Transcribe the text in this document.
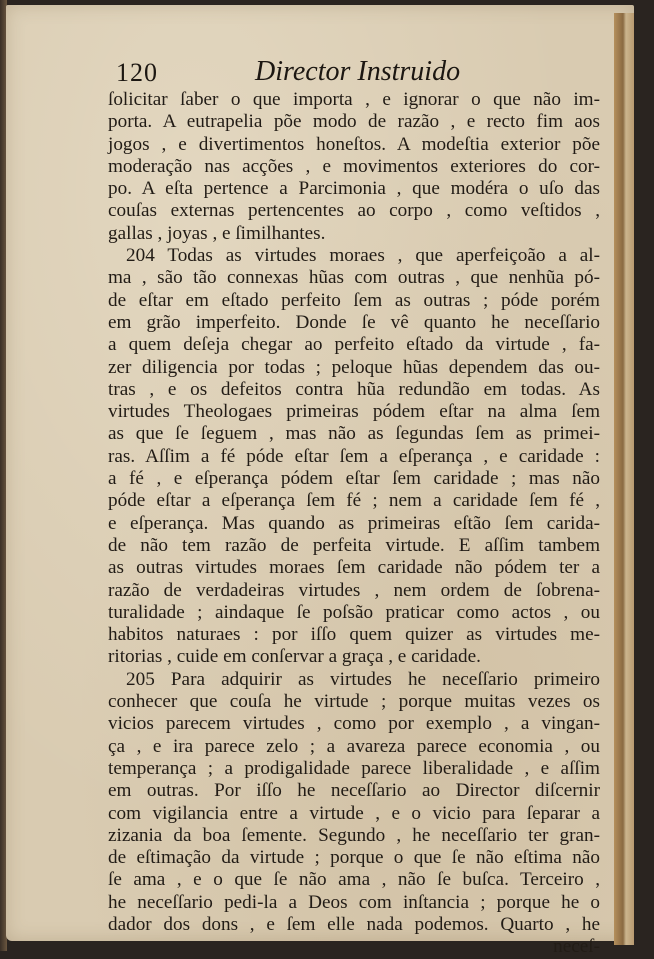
120	Director Instruido
ſolicitar ſaber o que importa , e ignorar o que não im-
porta. A eutrapelia põe modo de razão , e recto fim aos
jogos , e divertimentos honeſtos. A modeſtia exterior põe
moderação nas acções , e movimentos exteriores do cor-
po. A eſta pertence a Parcimonia , que modéra o uſo das
couſas externas pertencentes ao corpo , como veſtidos ,
gallas , joyas , e ſimilhantes.
204 Todas as virtudes moraes , que aperfeiçoão a al-
ma , são tão connexas hũas com outras , que nenhũa pó-
de eſtar em eſtado perfeito ſem as outras ; póde porém
em grão imperfeito. Donde ſe vê quanto he neceſſario
a quem deſeja chegar ao perfeito eſtado da virtude , fa-
zer diligencia por todas ; peloque hũas dependem das ou-
tras , e os defeitos contra hũa redundão em todas. As
virtudes Theologaes primeiras pódem eſtar na alma ſem
as que ſe ſeguem , mas não as ſegundas ſem as primei-
ras. Aſſim a fé póde eſtar ſem a eſperança , e caridade :
a fé , e eſperança pódem eſtar ſem caridade ; mas não
póde eſtar a eſperança ſem fé ; nem a caridade ſem fé ,
e eſperança. Mas quando as primeiras eſtão ſem carida-
de não tem razão de perfeita virtude. E aſſim tambem
as outras virtudes moraes ſem caridade não pódem ter a
razão de verdadeiras virtudes , nem ordem de ſobrena-
turalidade ; aindaque ſe poſsão praticar como actos , ou
habitos naturaes : por iſſo quem quizer as virtudes me-
ritorias , cuide em conſervar a graça , e caridade.
205 Para adquirir as virtudes he neceſſario primeiro
conhecer que couſa he virtude ; porque muitas vezes os
vicios parecem virtudes , como por exemplo , a vingan-
ça , e ira parece zelo ; a avareza parece economia , ou
temperança ; a prodigalidade parece liberalidade , e aſſim
em outras. Por iſſo he neceſſario ao Director diſcernir
com vigilancia entre a virtude , e o vicio para ſeparar a
zizania da boa ſemente. Segundo , he neceſſario ter gran-
de eſtimação da virtude ; porque o que ſe não eſtima não
ſe ama , e o que ſe não ama , não ſe buſca. Terceiro ,
he neceſſario pedi-la a Deos com inſtancia ; porque he o
dador dos dons , e ſem elle nada podemos. Quarto , he
neceſ-
